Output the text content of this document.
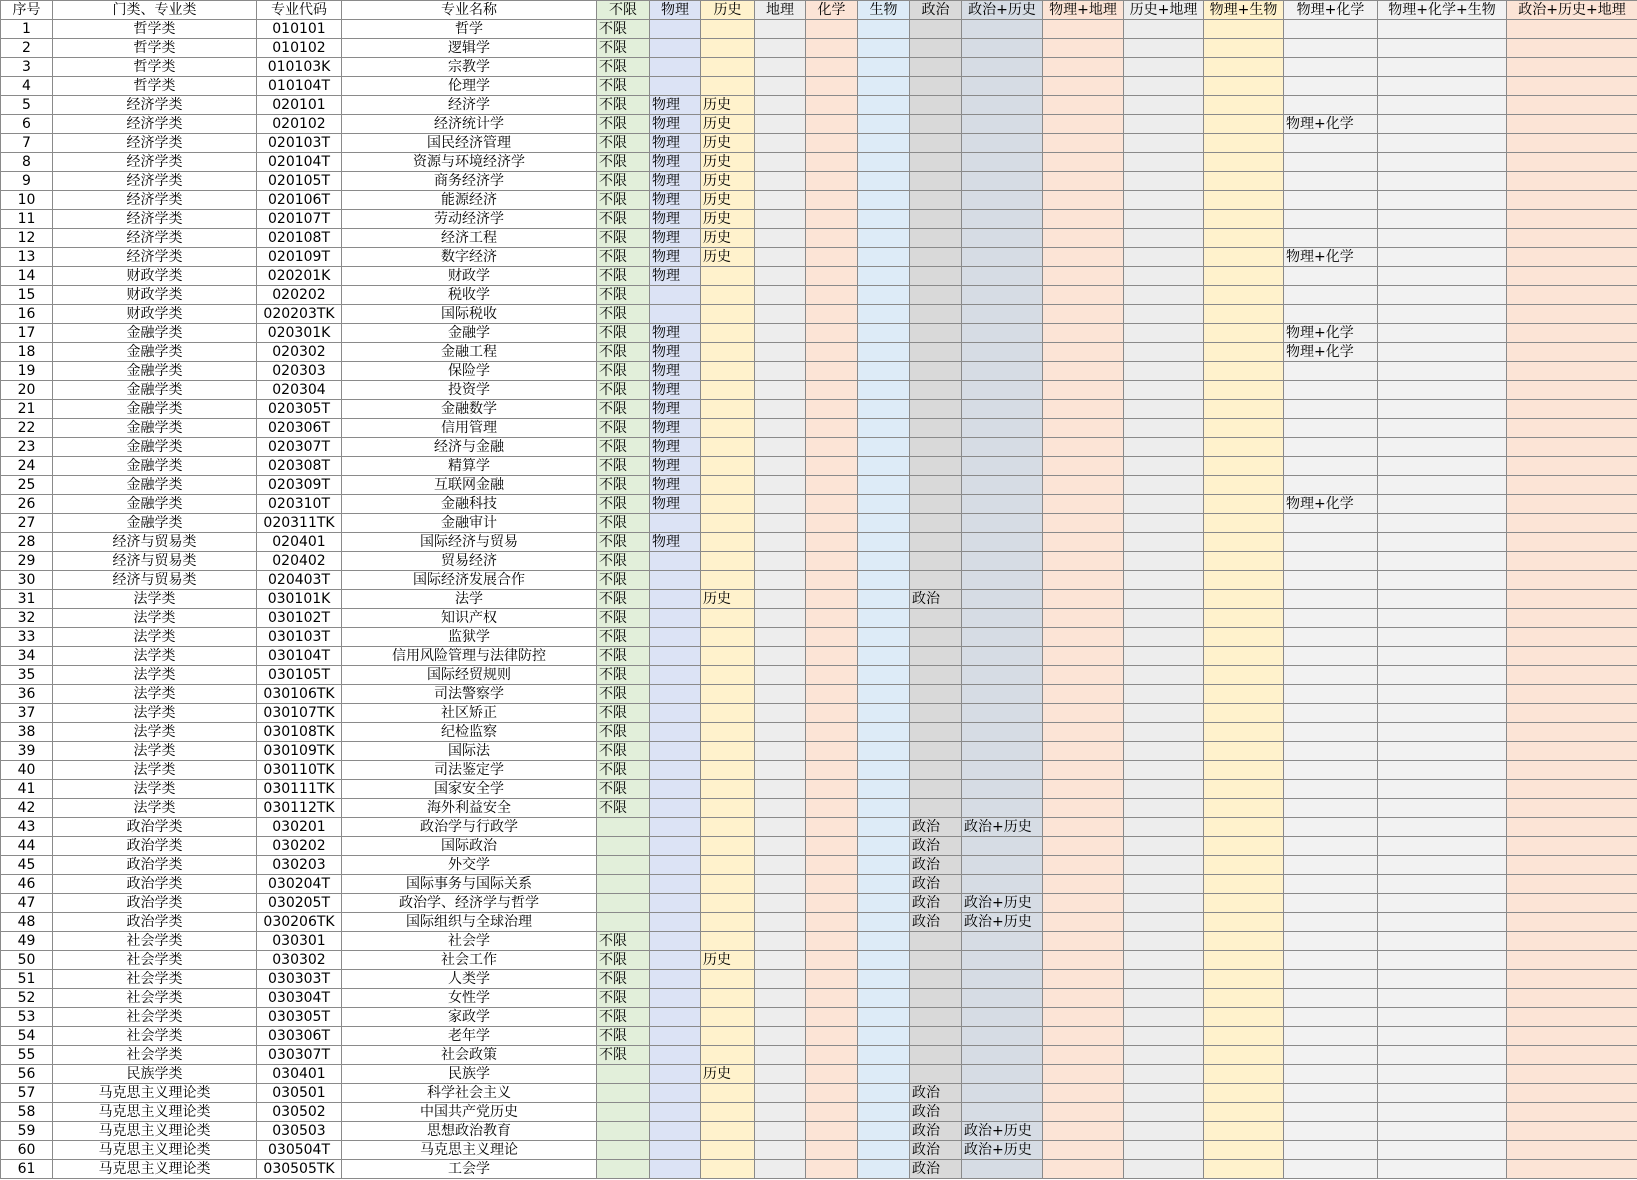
序号	门类、专业类	专业代码	专业名称	不限	物理	历史	地理	化学	生物	政治	政治+历史	物理+地理	历史+地理	物理+生物	物理+化学	物理+化学+生物	政治+历史+地理
1	哲学类	010101	哲学	不限													
2	哲学类	010102	逻辑学	不限													
3	哲学类	010103K	宗教学	不限													
4	哲学类	010104T	伦理学	不限													
5	经济学类	020101	经济学	不限	物理	历史											
6	经济学类	020102	经济统计学	不限	物理	历史									物理+化学		
7	经济学类	020103T	国民经济管理	不限	物理	历史											
8	经济学类	020104T	资源与环境经济学	不限	物理	历史											
9	经济学类	020105T	商务经济学	不限	物理	历史											
10	经济学类	020106T	能源经济	不限	物理	历史											
11	经济学类	020107T	劳动经济学	不限	物理	历史											
12	经济学类	020108T	经济工程	不限	物理	历史											
13	经济学类	020109T	数字经济	不限	物理	历史									物理+化学		
14	财政学类	020201K	财政学	不限	物理												
15	财政学类	020202	税收学	不限													
16	财政学类	020203TK	国际税收	不限													
17	金融学类	020301K	金融学	不限	物理										物理+化学		
18	金融学类	020302	金融工程	不限	物理										物理+化学		
19	金融学类	020303	保险学	不限	物理												
20	金融学类	020304	投资学	不限	物理												
21	金融学类	020305T	金融数学	不限	物理												
22	金融学类	020306T	信用管理	不限	物理												
23	金融学类	020307T	经济与金融	不限	物理												
24	金融学类	020308T	精算学	不限	物理												
25	金融学类	020309T	互联网金融	不限	物理												
26	金融学类	020310T	金融科技	不限	物理										物理+化学		
27	金融学类	020311TK	金融审计	不限													
28	经济与贸易类	020401	国际经济与贸易	不限	物理												
29	经济与贸易类	020402	贸易经济	不限													
30	经济与贸易类	020403T	国际经济发展合作	不限													
31	法学类	030101K	法学	不限		历史				政治							
32	法学类	030102T	知识产权	不限													
33	法学类	030103T	监狱学	不限													
34	法学类	030104T	信用风险管理与法律防控	不限													
35	法学类	030105T	国际经贸规则	不限													
36	法学类	030106TK	司法警察学	不限													
37	法学类	030107TK	社区矫正	不限													
38	法学类	030108TK	纪检监察	不限													
39	法学类	030109TK	国际法	不限													
40	法学类	030110TK	司法鉴定学	不限													
41	法学类	030111TK	国家安全学	不限													
42	法学类	030112TK	海外利益安全	不限													
43	政治学类	030201	政治学与行政学							政治	政治+历史						
44	政治学类	030202	国际政治							政治							
45	政治学类	030203	外交学							政治							
46	政治学类	030204T	国际事务与国际关系							政治							
47	政治学类	030205T	政治学、经济学与哲学							政治	政治+历史						
48	政治学类	030206TK	国际组织与全球治理							政治	政治+历史						
49	社会学类	030301	社会学	不限													
50	社会学类	030302	社会工作	不限		历史											
51	社会学类	030303T	人类学	不限													
52	社会学类	030304T	女性学	不限													
53	社会学类	030305T	家政学	不限													
54	社会学类	030306T	老年学	不限													
55	社会学类	030307T	社会政策	不限													
56	民族学类	030401	民族学			历史											
57	马克思主义理论类	030501	科学社会主义							政治							
58	马克思主义理论类	030502	中国共产党历史							政治							
59	马克思主义理论类	030503	思想政治教育							政治	政治+历史						
60	马克思主义理论类	030504T	马克思主义理论							政治	政治+历史						
61	马克思主义理论类	030505TK	工会学							政治							
